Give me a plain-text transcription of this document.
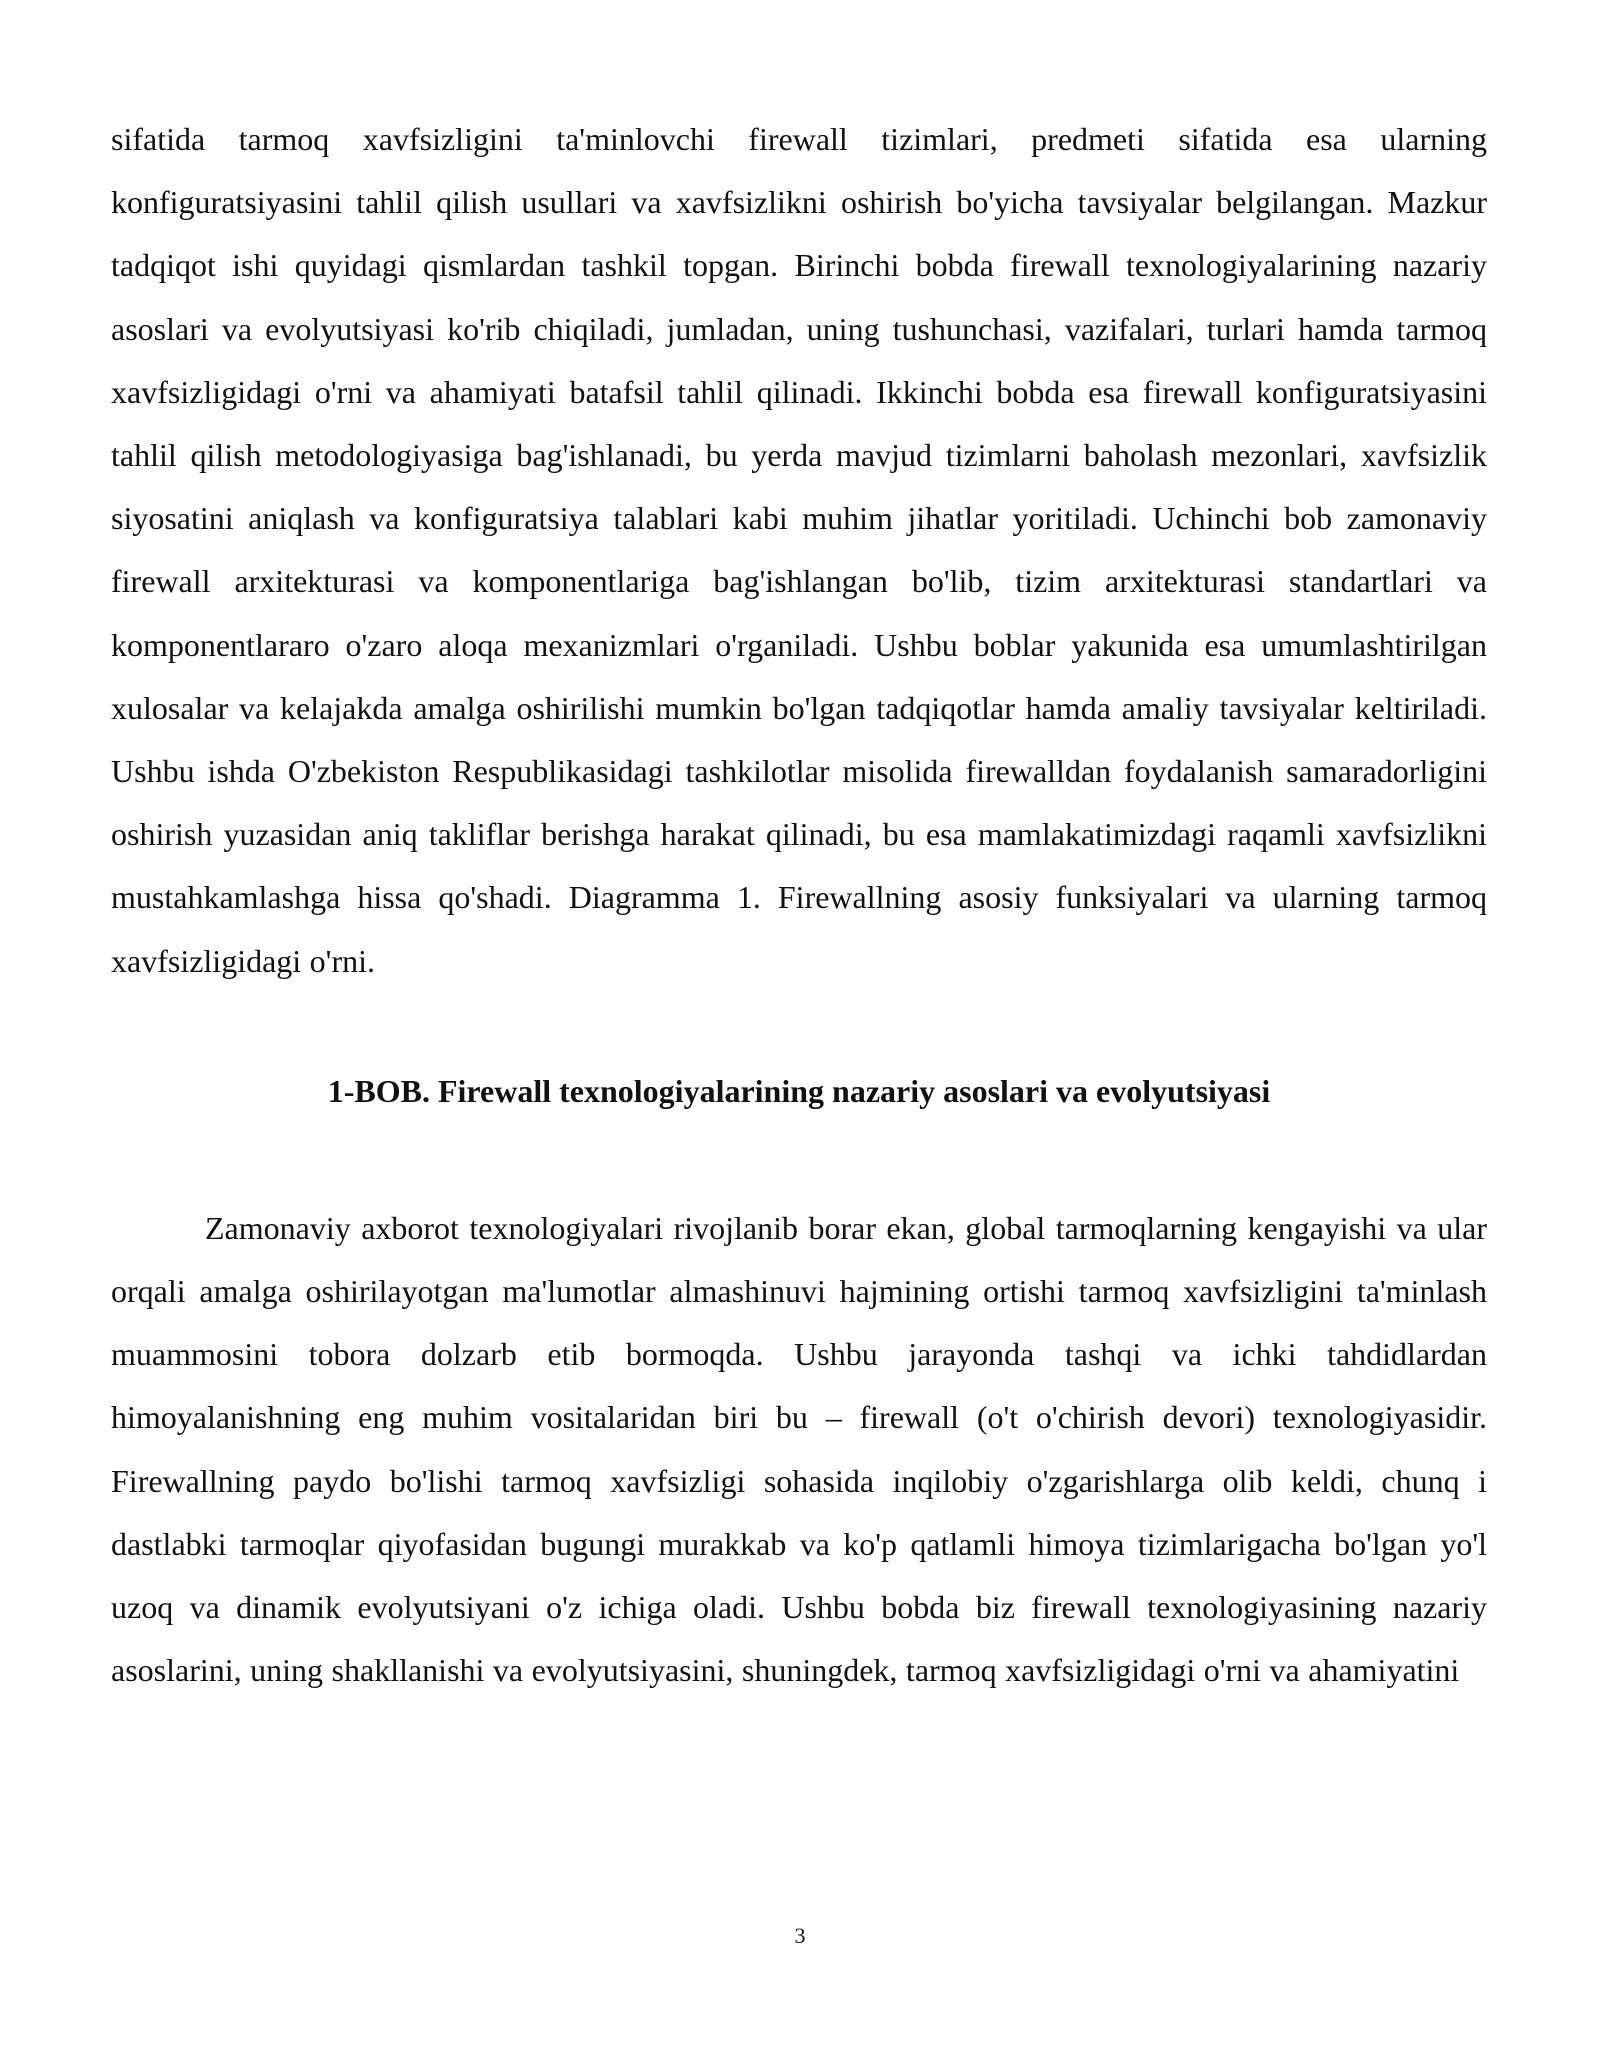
sifatida tarmoq xavfsizligini ta'minlovchi firewall tizimlari, predmeti sifatida esa ularning konfiguratsiyasini tahlil qilish usullari va xavfsizlikni oshirish bo'yicha tavsiyalar belgilangan. Mazkur tadqiqot ishi quyidagi qismlardan tashkil topgan. Birinchi bobda firewall texnologiyalarining nazariy asoslari va evolyutsiyasi ko'rib chiqiladi, jumladan, uning tushunchasi, vazifalari, turlari hamda tarmoq xavfsizligidagi o'rni va ahamiyati batafsil tahlil qilinadi. Ikkinchi bobda esa firewall konfiguratsiyasini tahlil qilish metodologiyasiga bag'ishlanadi, bu yerda mavjud tizimlarni baholash mezonlari, xavfsizlik siyosatini aniqlash va konfiguratsiya talablari kabi muhim jihatlar yoritiladi. Uchinchi bob zamonaviy firewall arxitekturasi va komponentlariga bag'ishlangan bo'lib, tizim arxitekturasi standartlari va komponentlararo o'zaro aloqa mexanizmlari o'rganiladi. Ushbu boblar yakunida esa umumlashtirilgan xulosalar va kelajakda amalga oshirilishi mumkin bo'lgan tadqiqotlar hamda amaliy tavsiyalar keltiriladi. Ushbu ishda O'zbekiston Respublikasidagi tashkilotlar misolida firewalldan foydalanish samaradorligini oshirish yuzasidan aniq takliflar berishga harakat qilinadi, bu esa mamlakatimizdagi raqamli xavfsizlikni mustahkamlashga hissa qo'shadi. Diagramma 1. Firewallning asosiy funksiyalari va ularning tarmoq xavfsizligidagi o'rni.

1-BOB. Firewall texnologiyalarining nazariy asoslari va evolyutsiyasi

Zamonaviy axborot texnologiyalari rivojlanib borar ekan, global tarmoqlarning kengayishi va ular orqali amalga oshirilayotgan ma'lumotlar almashinuvi hajmining ortishi tarmoq xavfsizligini ta'minlash muammosini tobora dolzarb etib bormoqda. Ushbu jarayonda tashqi va ichki tahdidlardan himoyalanishning eng muhim vositalaridan biri bu – firewall (o't o'chirish devori) texnologiyasidir. Firewallning paydo bo'lishi tarmoq xavfsizligi sohasida inqilobiy o'zgarishlarga olib keldi, chunq i dastlabki tarmoqlar qiyofasidan bugungi murakkab va ko'p qatlamli himoya tizimlarigacha bo'lgan yo'l uzoq va dinamik evolyutsiyani o'z ichiga oladi. Ushbu bobda biz firewall texnologiyasining nazariy asoslarini, uning shakllanishi va evolyutsiyasini, shuningdek, tarmoq xavfsizligidagi o'rni va ahamiyatini

3
